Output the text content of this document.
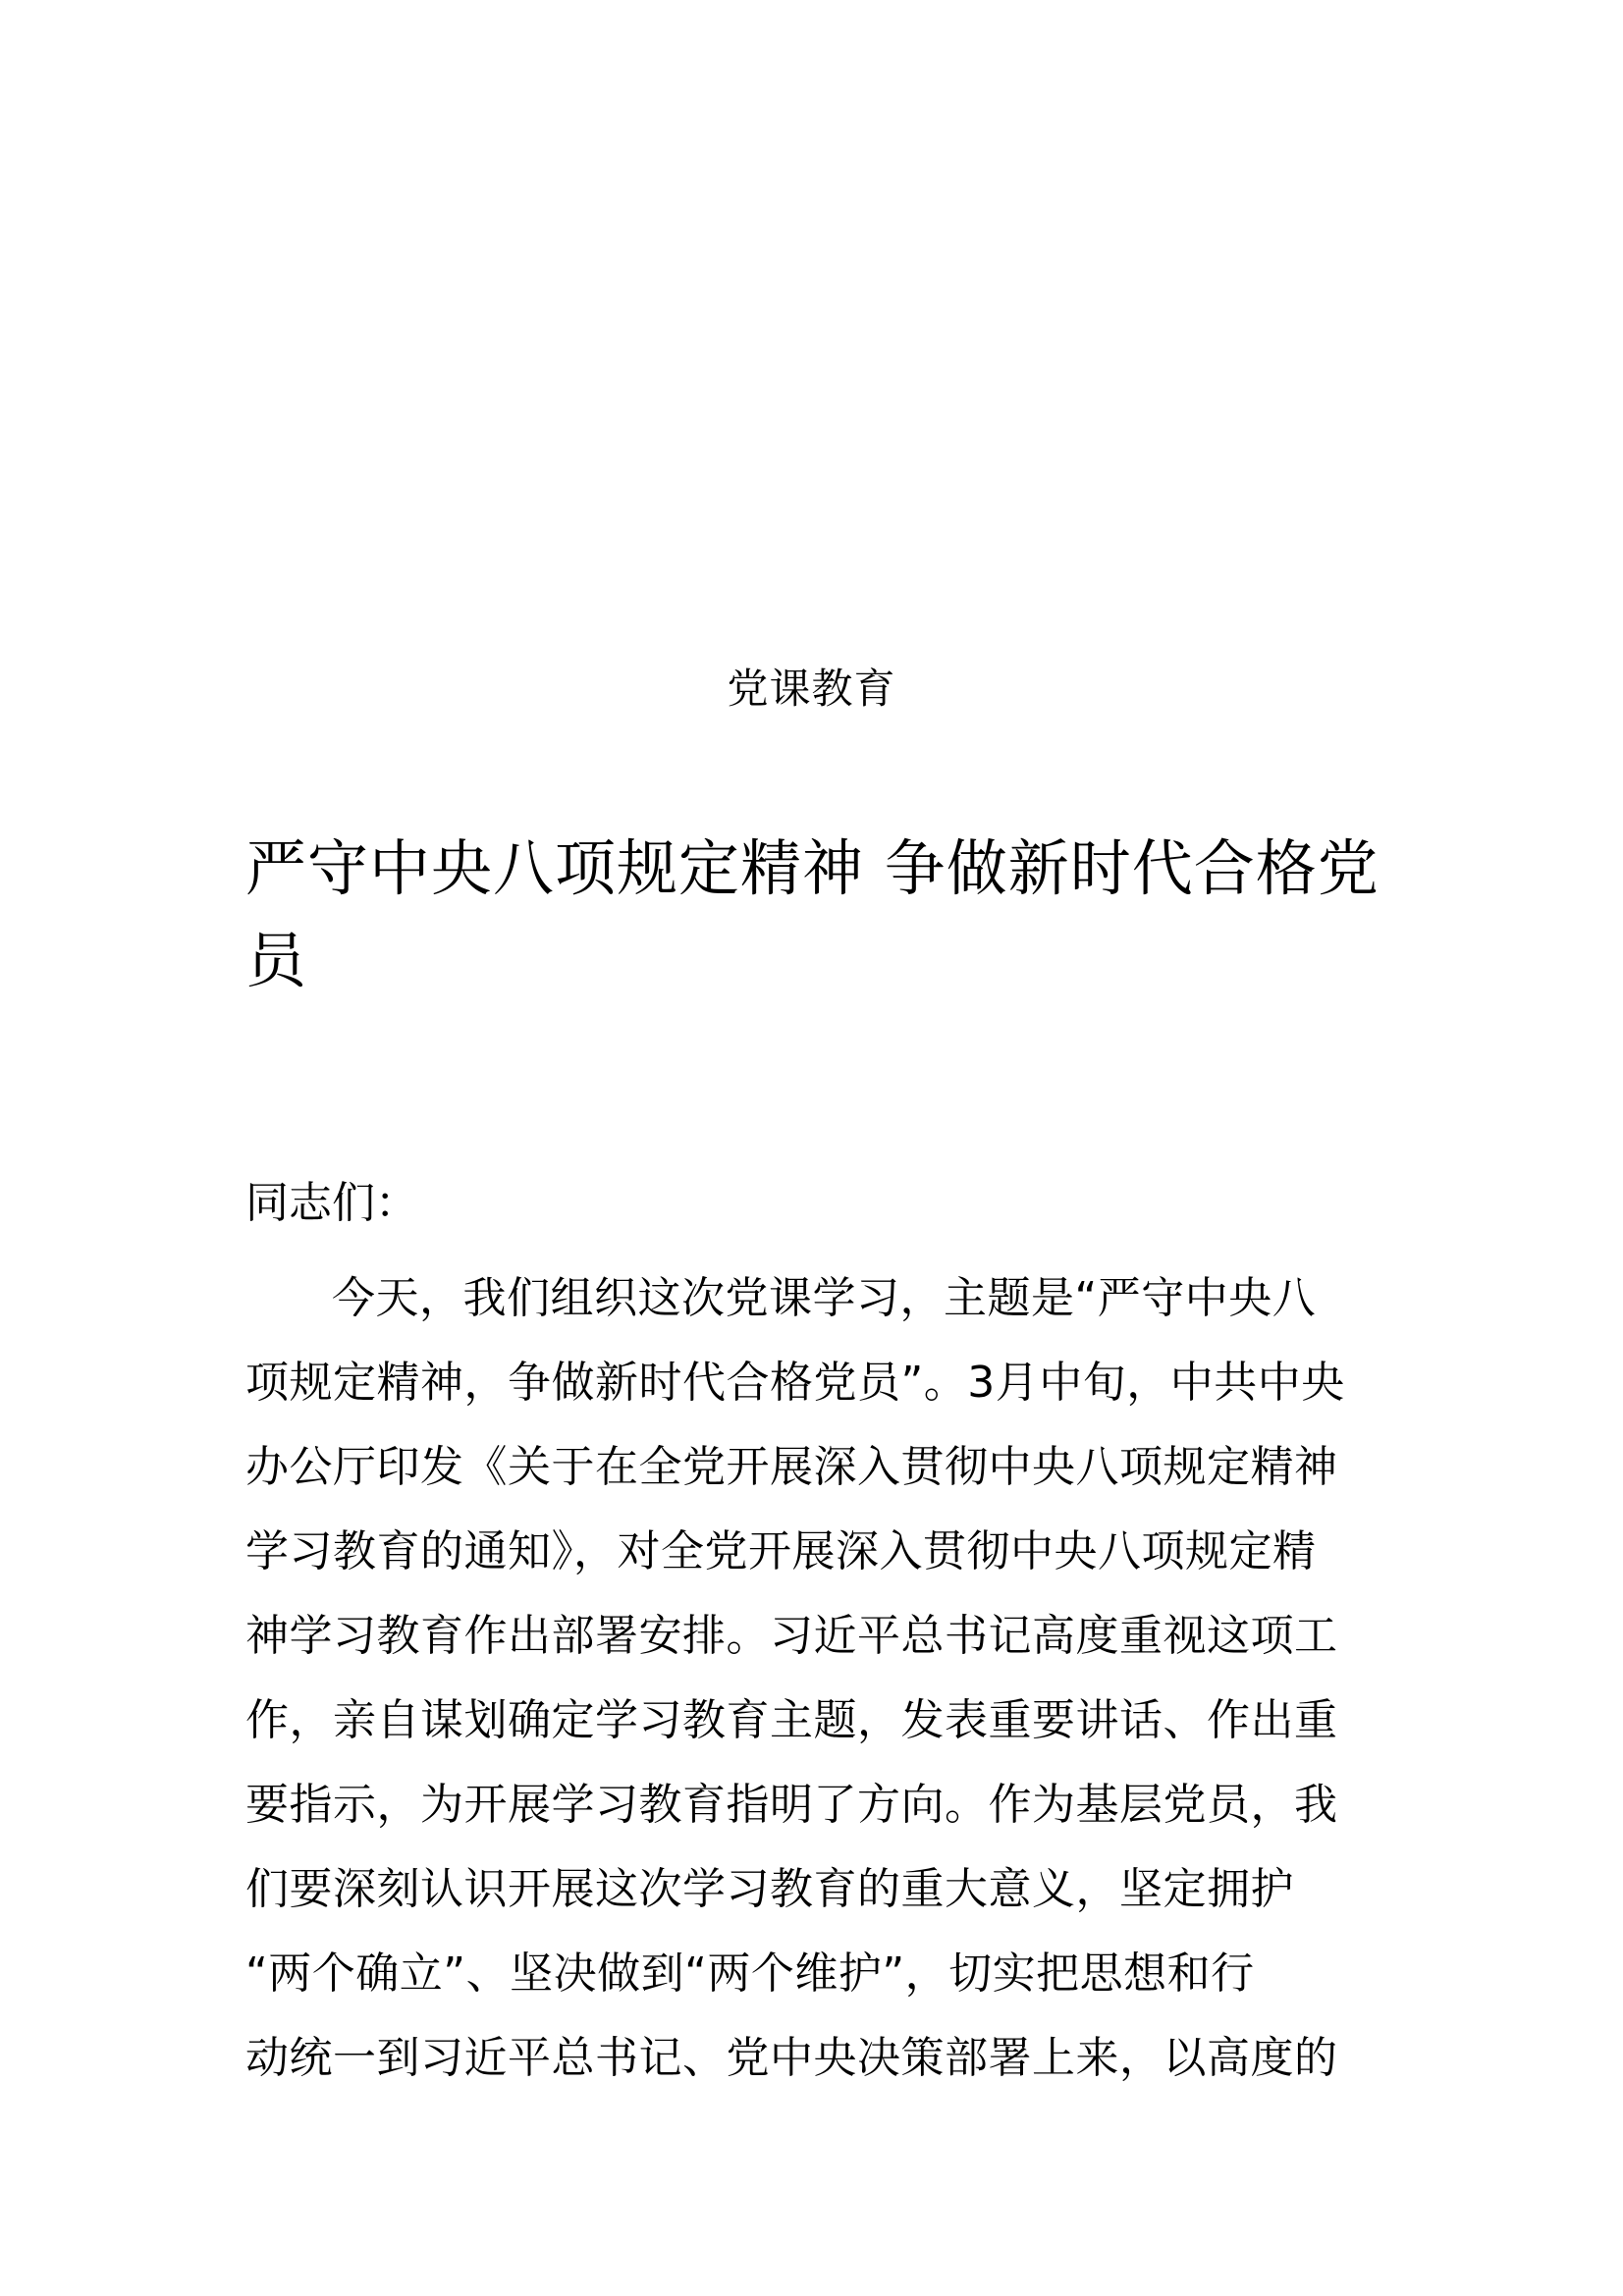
党课教育
严守中央八项规定精神 争做新时代合格党
员
同志们：
今天，我们组织这次党课学习，主题是“严守中央八
项规定精神，争做新时代合格党员”。3月中旬，中共中央
办公厅印发《关于在全党开展深入贯彻中央八项规定精神
学习教育的通知》，对全党开展深入贯彻中央八项规定精
神学习教育作出部署安排。习近平总书记高度重视这项工
作，亲自谋划确定学习教育主题，发表重要讲话、作出重
要指示，为开展学习教育指明了方向。作为基层党员，我
们要深刻认识开展这次学习教育的重大意义，坚定拥护
“两个确立”、坚决做到“两个维护”，切实把思想和行
动统一到习近平总书记、党中央决策部署上来，以高度的
